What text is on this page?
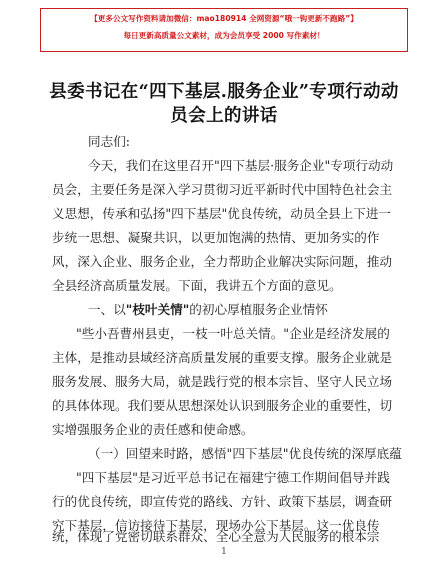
【更多公文写作资料请加微信：mao180914 全网资源“哦一钩更新不跑路”】
每日更新高质量公文素材，成为会员享受 2000 写作素材！
县委书记在“四下基层.服务企业”专项行动动
员会上的讲话
同志们:
今天，我们在这里召开"四下基层·服务企业"专项行动动
员会，主要任务是深入学习贯彻习近平新时代中国特色社会主
义思想，传承和弘扬"四下基层"优良传统，动员全县上下进一
步统一思想、凝聚共识，以更加饱满的热情、更加务实的作
风，深入企业、服务企业，全力帮助企业解决实际问题，推动
全县经济高质量发展。下面，我讲五个方面的意见。
一、以"枝叶关情"的初心厚植服务企业情怀
"些小吾曹州县吏，一枝一叶总关情。"企业是经济发展的
主体，是推动县域经济高质量发展的重要支撑。服务企业就是
服务发展、服务大局，就是践行党的根本宗旨、坚守人民立场
的具体体现。我们要从思想深处认识到服务企业的重要性，切
实增强服务企业的责任感和使命感。
（一）回望来时路，感悟"四下基层"优良传统的深厚底蕴
"四下基层"是习近平总书记在福建宁德工作期间倡导并践
行的优良传统，即宣传党的路线、方针、政策下基层，调查研
究下基层，信访接待下基层，现场办公下基层。这一优良传
统，体现了党密切联系群众、全心全意为人民服务的根本宗
1
